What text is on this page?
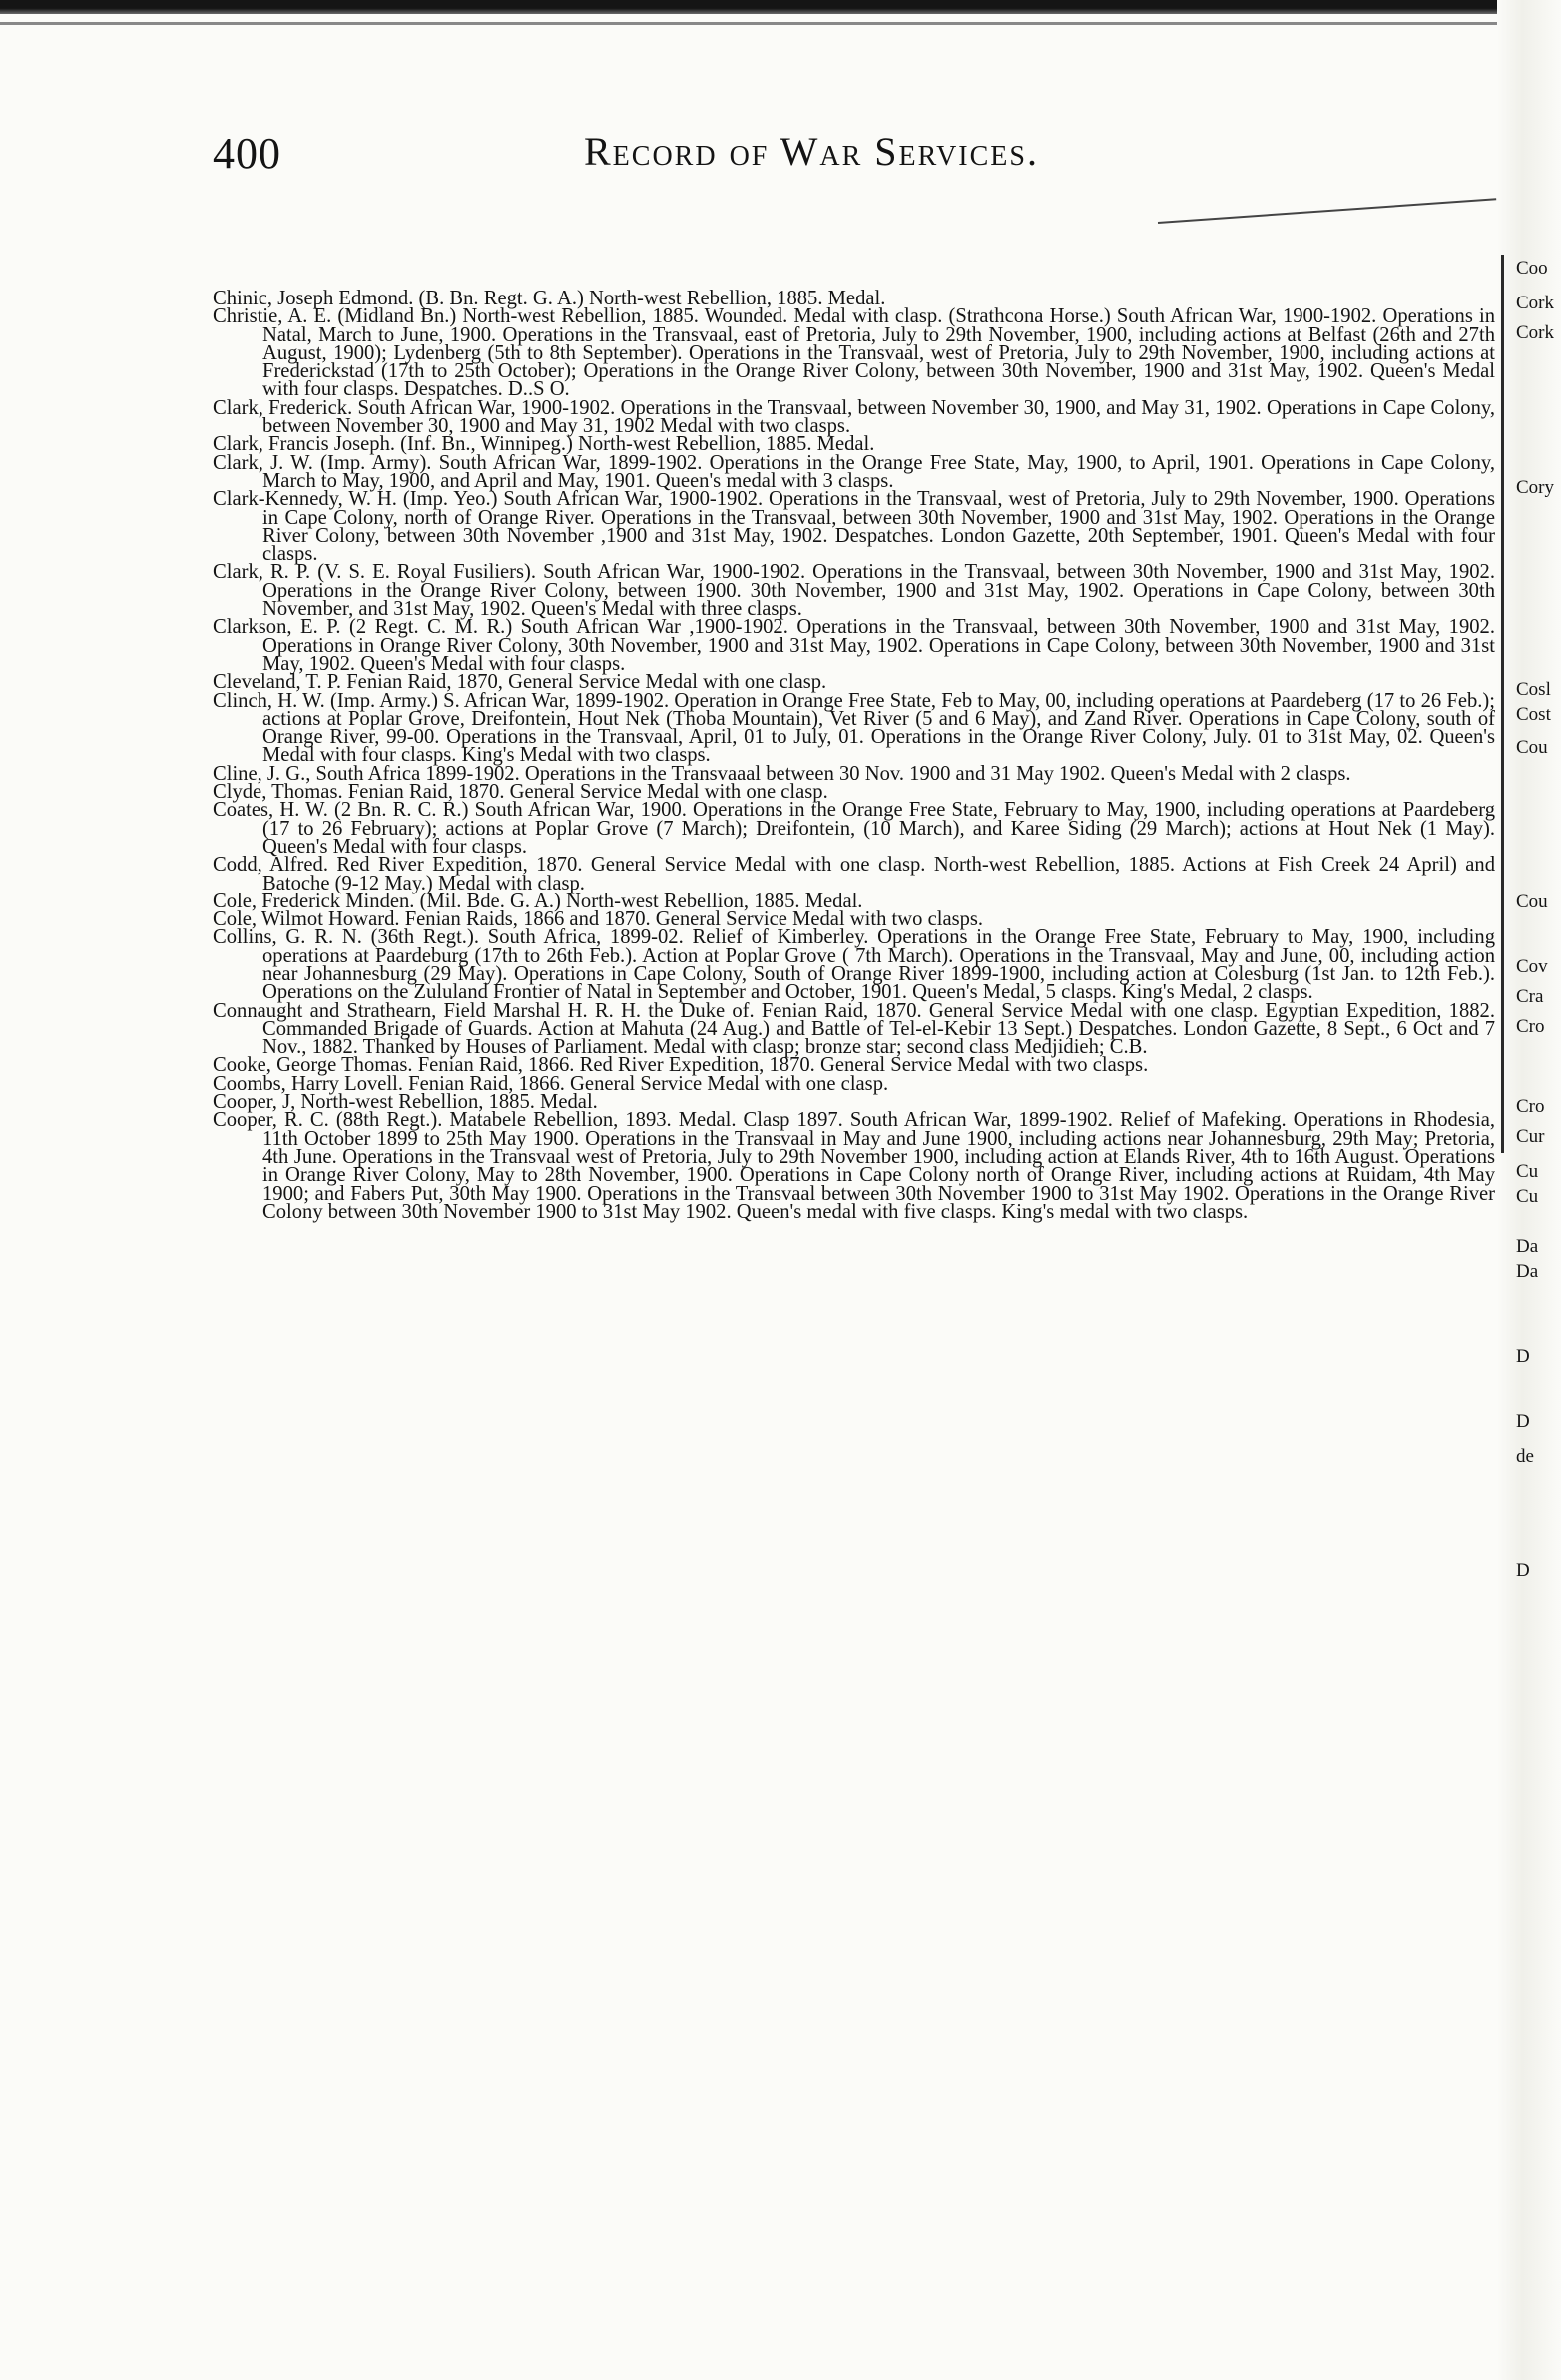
400	Record of War Services.
Chinic, Joseph Edmond. (B. Bn. Regt. G. A.) North-west Rebellion, 1885. Medal.
Christie, A. E. (Midland Bn.) North-west Rebellion, 1885. Wounded. Medal with clasp. (Strathcona Horse.) South African War, 1900-1902. Operations in Natal, March to June, 1900. Operations in the Transvaal, east of Pretoria, July to 29th November, 1900, including actions at Belfast (26th and 27th August, 1900); Lydenberg (5th to 8th September). Operations in the Transvaal, west of Pretoria, July to 29th November, 1900, including actions at Frederickstad (17th to 25th October); Operations in the Orange River Colony, between 30th November, 1900 and 31st May, 1902. Queen's Medal with four clasps. Despatches. D..S O.
Clark, Frederick. South African War, 1900-1902. Operations in the Transvaal, between November 30, 1900, and May 31, 1902. Operations in Cape Colony, between November 30, 1900 and May 31, 1902 Medal with two clasps.
Clark, Francis Joseph. (Inf. Bn., Winnipeg.) North-west Rebellion, 1885. Medal.
Clark, J. W. (Imp. Army). South African War, 1899-1902. Operations in the Orange Free State, May, 1900, to April, 1901. Operations in Cape Colony, March to May, 1900, and April and May, 1901. Queen's medal with 3 clasps.
Clark-Kennedy, W. H. (Imp. Yeo.) South African War, 1900-1902. Operations in the Transvaal, west of Pretoria, July to 29th November, 1900. Operations in Cape Colony, north of Orange River. Operations in the Transvaal, between 30th November, 1900 and 31st May, 1902. Operations in the Orange River Colony, between 30th November ,1900 and 31st May, 1902. Despatches. London Gazette, 20th September, 1901. Queen's Medal with four clasps.
Clark, R. P. (V. S. E. Royal Fusiliers). South African War, 1900-1902. Operations in the Transvaal, between 30th November, 1900 and 31st May, 1902. Operations in the Orange River Colony, between 1900. 30th November, 1900 and 31st May, 1902. Operations in Cape Colony, between 30th November, and 31st May, 1902. Queen's Medal with three clasps.
Clarkson, E. P. (2 Regt. C. M. R.) South African War ,1900-1902. Operations in the Transvaal, between 30th November, 1900 and 31st May, 1902. Operations in Orange River Colony, 30th November, 1900 and 31st May, 1902. Operations in Cape Colony, between 30th November, 1900 and 31st May, 1902. Queen's Medal with four clasps.
Cleveland, T. P. Fenian Raid, 1870, General Service Medal with one clasp.
Clinch, H. W. (Imp. Army.) S. African War, 1899-1902. Operation in Orange Free State, Feb to May, 00, including operations at Paardeberg (17 to 26 Feb.); actions at Poplar Grove, Dreifontein, Hout Nek (Thoba Mountain), Vet River (5 and 6 May), and Zand River. Operations in Cape Colony, south of Orange River, 99-00. Operations in the Transvaal, April, 01 to July, 01. Operations in the Orange River Colony, July. 01 to 31st May, 02. Queen's Medal with four clasps. King's Medal with two clasps.
Cline, J. G., South Africa 1899-1902. Operations in the Transvaaal between 30 Nov. 1900 and 31 May 1902. Queen's Medal with 2 clasps.
Clyde, Thomas. Fenian Raid, 1870. General Service Medal with one clasp.
Coates, H. W. (2 Bn. R. C. R.) South African War, 1900. Operations in the Orange Free State, February to May, 1900, including operations at Paardeberg (17 to 26 February); actions at Poplar Grove (7 March); Dreifontein, (10 March), and Karee Siding (29 March); actions at Hout Nek (1 May). Queen's Medal with four clasps.
Codd, Alfred. Red River Expedition, 1870. General Service Medal with one clasp. North-west Rebellion, 1885. Actions at Fish Creek 24 April) and Batoche (9-12 May.) Medal with clasp.
Cole, Frederick Minden. (Mil. Bde. G. A.) North-west Rebellion, 1885. Medal.
Cole, Wilmot Howard. Fenian Raids, 1866 and 1870. General Service Medal with two clasps.
Collins, G. R. N. (36th Regt.). South Africa, 1899-02. Relief of Kimberley. Operations in the Orange Free State, February to May, 1900, including operations at Paardeburg (17th to 26th Feb.). Action at Poplar Grove ( 7th March). Operations in the Transvaal, May and June, 00, including action near Johannesburg (29 May). Operations in Cape Colony, South of Orange River 1899-1900, including action at Colesburg (1st Jan. to 12th Feb.). Operations on the Zululand Frontier of Natal in September and October, 1901. Queen's Medal, 5 clasps. King's Medal, 2 clasps.
Connaught and Strathearn, Field Marshal H. R. H. the Duke of. Fenian Raid, 1870. General Service Medal with one clasp. Egyptian Expedition, 1882. Commanded Brigade of Guards. Action at Mahuta (24 Aug.) and Battle of Tel-el-Kebir 13 Sept.) Despatches. London Gazette, 8 Sept., 6 Oct and 7 Nov., 1882. Thanked by Houses of Parliament. Medal with clasp; bronze star; second class Medjidieh; C.B.
Cooke, George Thomas. Fenian Raid, 1866. Red River Expedition, 1870. General Service Medal with two clasps.
Coombs, Harry Lovell. Fenian Raid, 1866. General Service Medal with one clasp.
Cooper, J, North-west Rebellion, 1885. Medal.
Cooper, R. C. (88th Regt.). Matabele Rebellion, 1893. Medal. Clasp 1897. South African War, 1899-1902. Relief of Mafeking. Operations in Rhodesia, 11th October 1899 to 25th May 1900. Operations in the Transvaal in May and June 1900, including actions near Johannesburg, 29th May; Pretoria, 4th June. Operations in the Transvaal west of Pretoria, July to 29th November 1900, including action at Elands River, 4th to 16th August. Operations in Orange River Colony, May to 28th November, 1900. Operations in Cape Colony north of Orange River, including actions at Ruidam, 4th May 1900; and Fabers Put, 30th May 1900. Operations in the Transvaal between 30th November 1900 to 31st May 1902. Operations in the Orange River Colony between 30th November 1900 to 31st May 1902. Queen's medal with five clasps. King's medal with two clasps.
Coo
Cork
Cork
Cory
Cosl
Cost
Cou
Cou
Cov
Cra
Cro
Cro
Cur
Cu
Cu
Da
Da
D
D
de
D
